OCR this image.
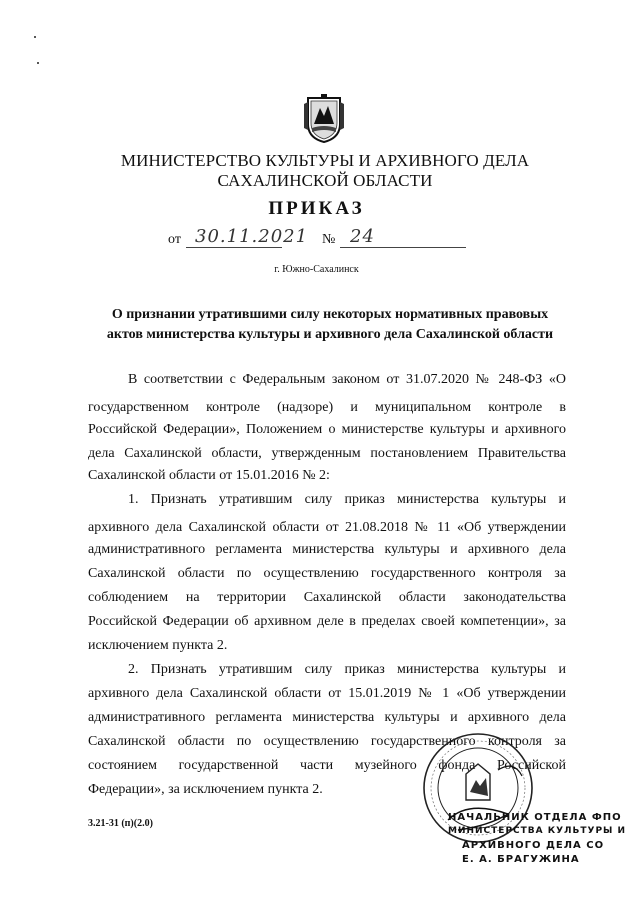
МИНИСТЕРСТВО КУЛЬТУРЫ И АРХИВНОГО ДЕЛА
САХАЛИНСКОЙ ОБЛАСТИ
ПРИКАЗ
от 30.11.2021 № 24
г. Южно-Сахалинск
О признании утратившими силу некоторых нормативных правовых
актов министерства культуры и архивного дела Сахалинской области
В соответствии с Федеральным законом от 31.07.2020 № 248-ФЗ «О
государственном контроле (надзоре) и муниципальном контроле в
Российской Федерации», Положением о министерстве культуры и архивного
дела Сахалинской области, утвержденным постановлением Правительства
Сахалинской области от 15.01.2016 № 2:
1. Признать утратившим силу приказ министерства культуры и
архивного дела Сахалинской области от 21.08.2018 № 11 «Об утверждении
административного регламента министерства культуры и архивного дела
Сахалинской области по осуществлению государственного контроля за
соблюдением на территории Сахалинской области законодательства
Российской Федерации об архивном деле в пределах своей компетенции», за
исключением пункта 2.
2. Признать утратившим силу приказ министерства культуры и
архивного дела Сахалинской области от 15.01.2019 № 1 «Об утверждении
административного регламента министерства культуры и архивного дела
Сахалинской области по осуществлению государственного контроля за
состоянием государственной части музейного фонда Российской
Федерации», за исключением пункта 2.
3.21-31 (п)(2.0)
НАЧАЛЬНИК ОТДЕЛА ФПО
МИНИСТЕРСТВА КУЛЬТУРЫ И
АРХИВНОГО ДЕЛА СО
Е. А. БРАГУЖИНА
